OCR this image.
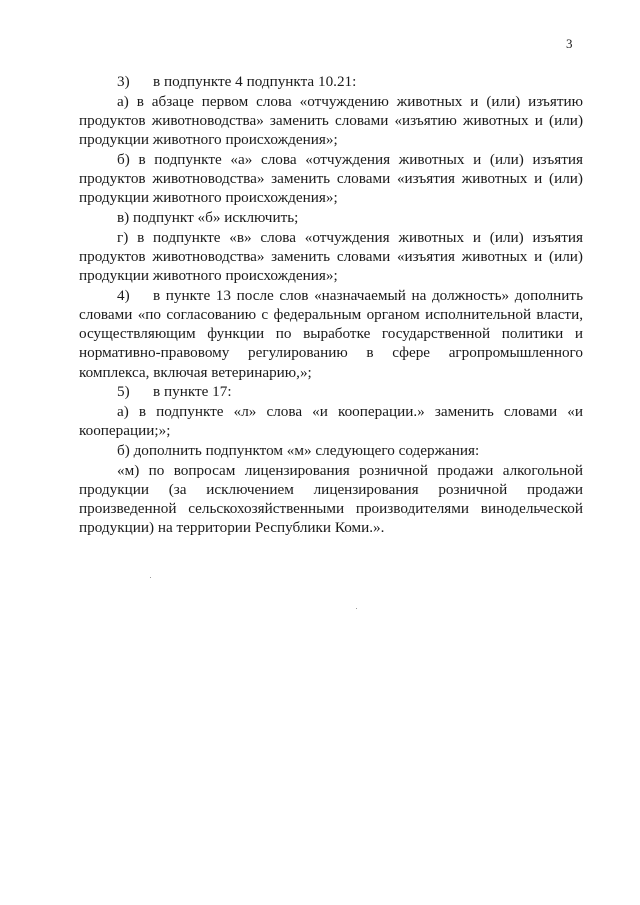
3

3) в подпункте 4 подпункта 10.21:

а) в абзаце первом слова «отчуждению животных и (или) изъятию продуктов животноводства» заменить словами «изъятию животных и (или) продукции животного происхождения»;

б) в подпункте «а» слова «отчуждения животных и (или) изъятия продуктов животноводства» заменить словами «изъятия животных и (или) продукции животного происхождения»;

в) подпункт «б» исключить;

г) в подпункте «в» слова «отчуждения животных и (или) изъятия продуктов животноводства» заменить словами «изъятия животных и (или) продукции животного происхождения»;

4) в пункте 13 после слов «назначаемый на должность» дополнить словами «по согласованию с федеральным органом исполнительной власти, осуществляющим функции по выработке государственной политики и нормативно-правовому регулированию в сфере агропромышленного комплекса, включая ветеринарию,»;

5) в пункте 17:

а) в подпункте «л» слова «и кооперации.» заменить словами «и кооперации;»;

б) дополнить подпунктом «м» следующего содержания:

«м) по вопросам лицензирования розничной продажи алкогольной продукции (за исключением лицензирования розничной продажи произведенной сельскохозяйственными производителями винодельческой продукции) на территории Республики Коми.».
